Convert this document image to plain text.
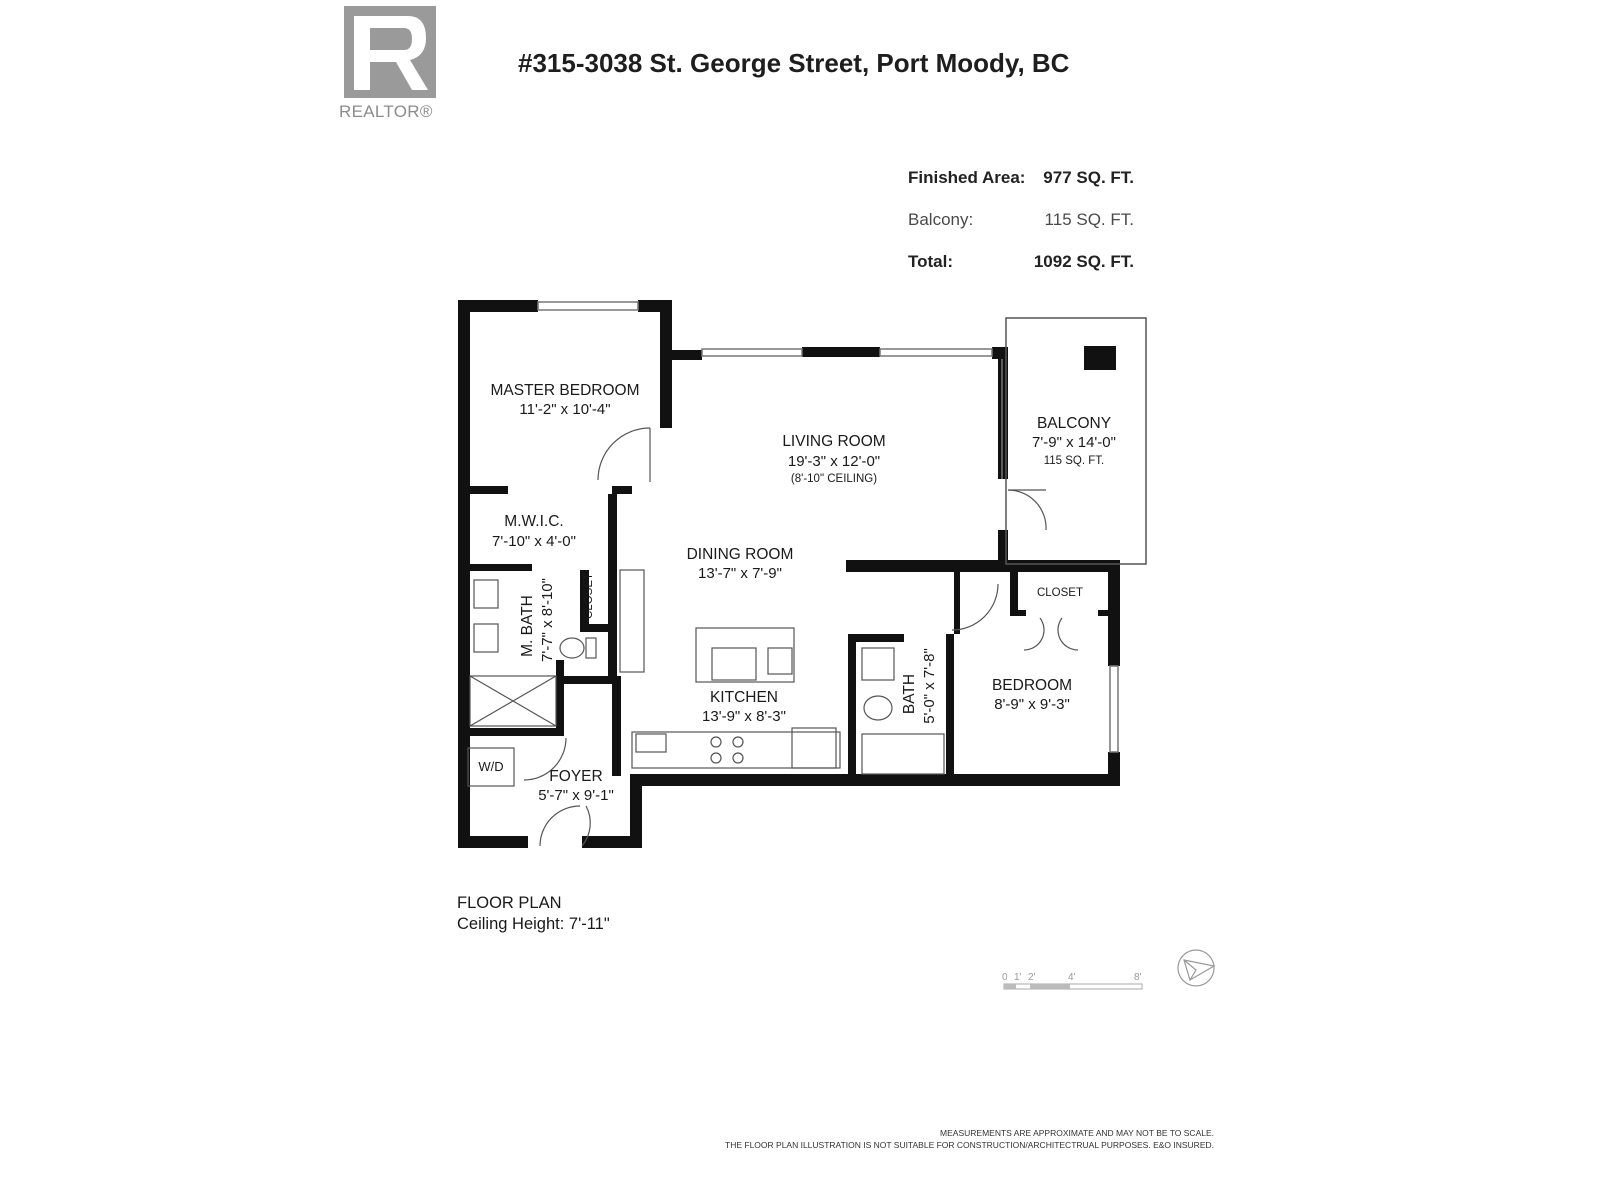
REALTOR®
#315-3038 St. George Street, Port Moody, BC
Finished Area: 977 SQ. FT.
Balcony:	115 SQ. FT.
Total:	1092 SQ. FT.
MASTER BEDROOM
11'-2" x 10'-4"
LIVING ROOM
19'-3" x 12'-0"
(8'-10" CEILING)
BALCONY
7'-9" x 14'-0"
115 SQ. FT.
M.W.I.C.
7'-10" x 4'-0"
DINING ROOM
13'-7" x 7'-9"
M. BATH 7'-7" x 8'-10" CLOSET	CLOSET
BATH 5'-0" x 7'-8"	BEDROOM
8'-9" x 9'-3"
KITCHEN
13'-9" x 8'-3"
W/D
FOYER
5'-7" x 9'-1"
0 1' 2'	4'	8'
FLOOR PLAN
Ceiling Height: 7'-11"
MEASUREMENTS ARE APPROXIMATE AND MAY NOT BE TO SCALE.
THE FLOOR PLAN ILLUSTRATION IS NOT SUITABLE FOR CONSTRUCTION/ARCHITECTRUAL PURPOSES. E&O INSURED.
